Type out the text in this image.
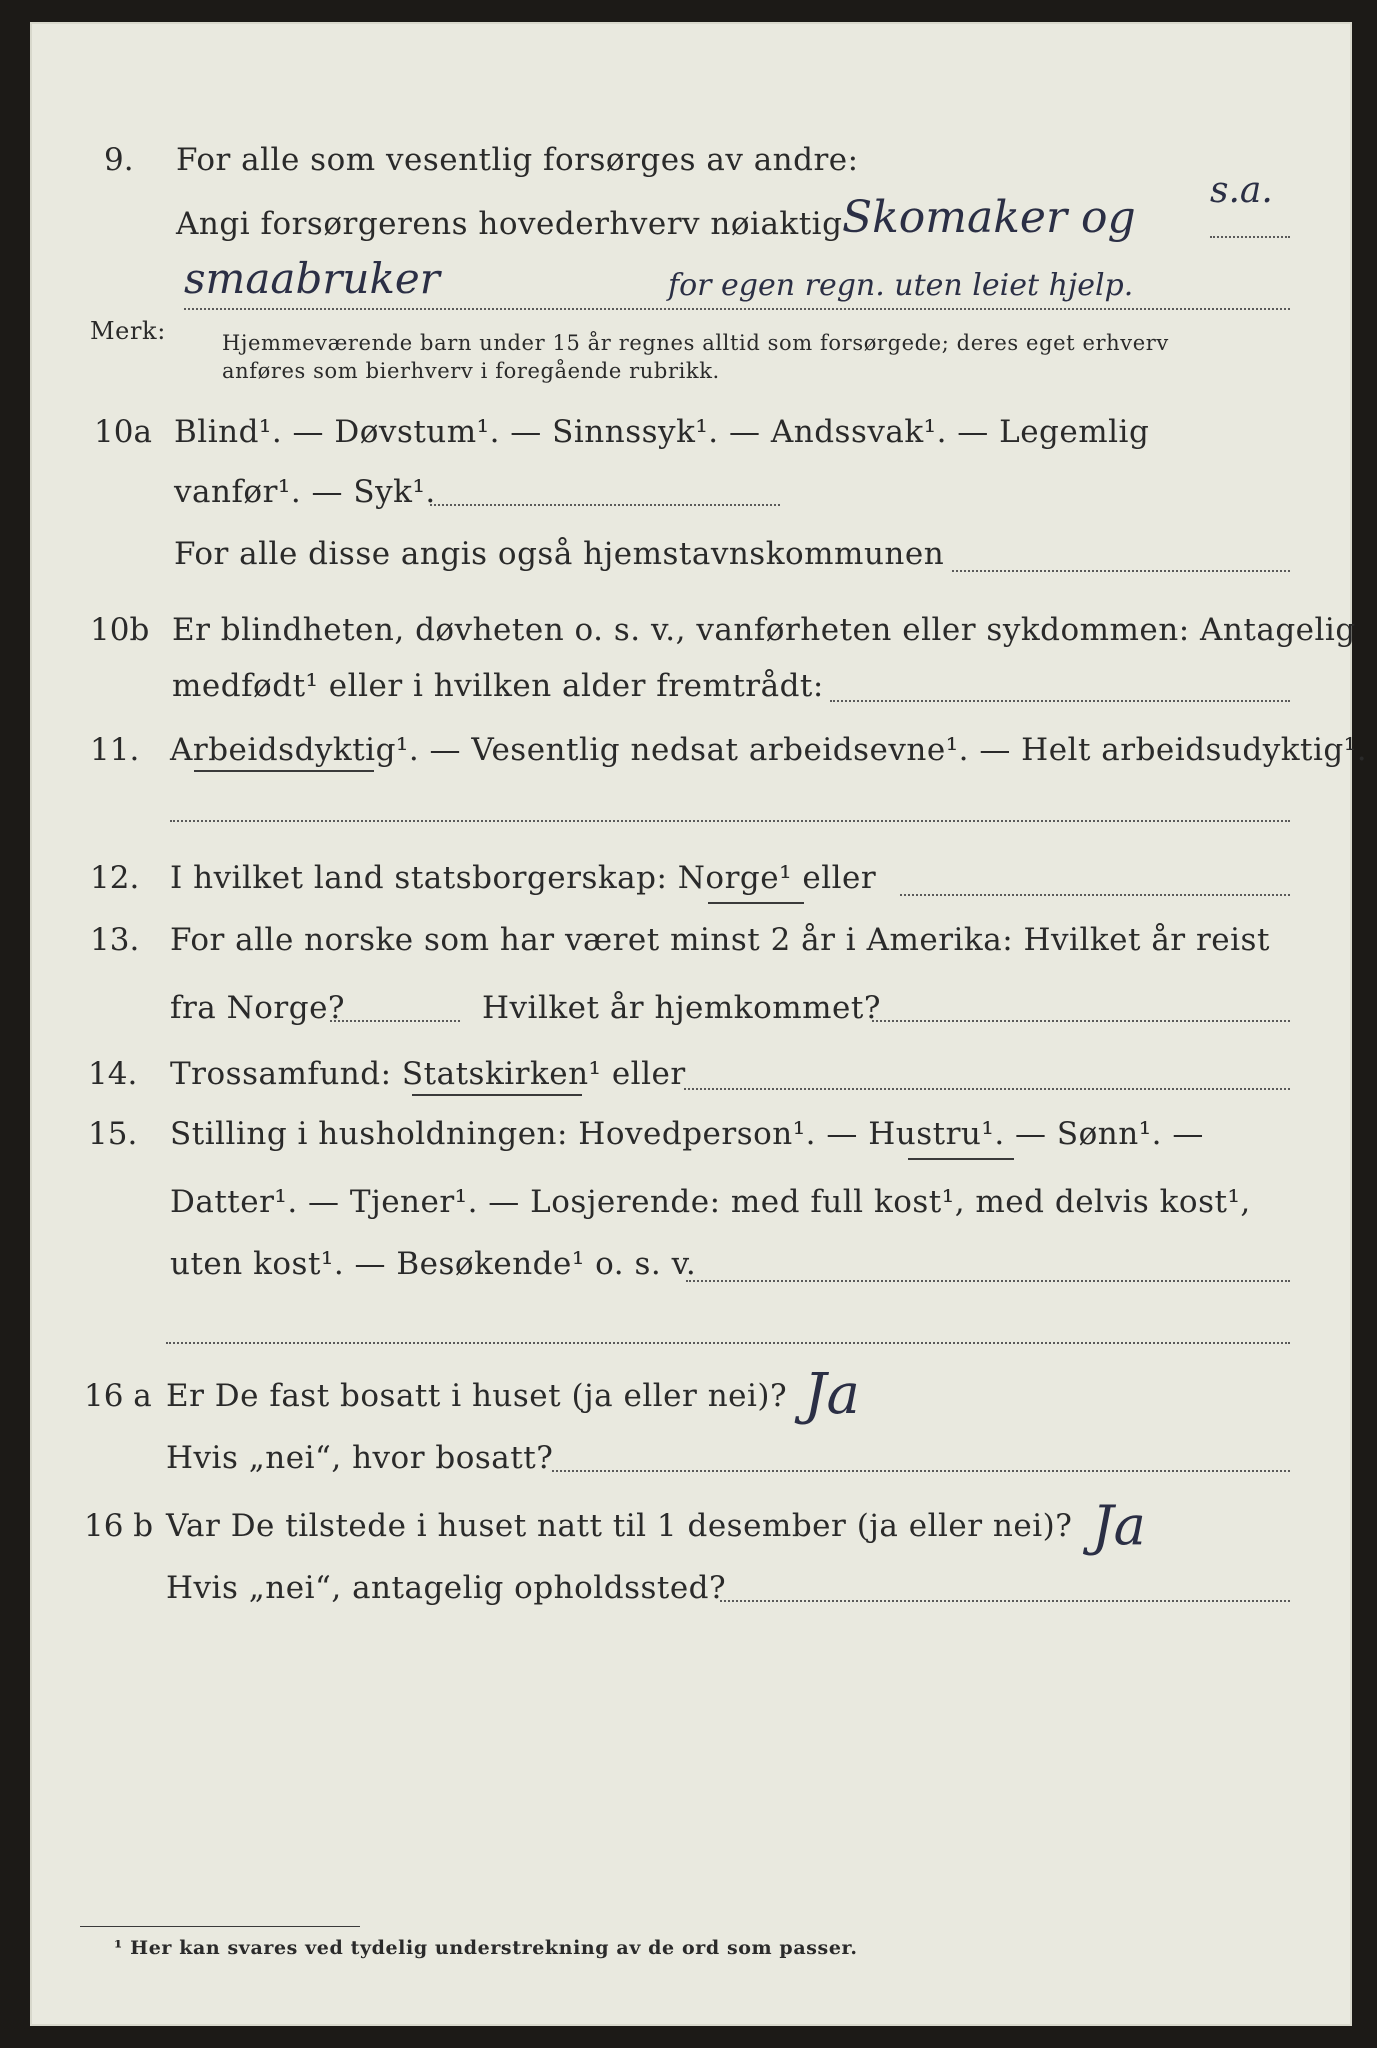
9. For alle som vesentlig forsørges av andre:
s.a.
Angi forsørgerens hovederhverv nøiaktig Skomaker og
smaabruker	for egen regn. uten leiet hjelp.
Merk:	Hjemmeværende barn under 15 år regnes alltid som forsørgede; deres eget erhverv
anføres som bierhverv i foregående rubrikk.
10a Blind¹. — Døvstum¹. — Sinnssyk¹. — Andssvak¹. — Legemlig
vanfør¹. — Syk¹.
For alle disse angis også hjemstavnskommunen
10b Er blindheten, døvheten o. s. v., vanførheten eller sykdommen: Antagelig
medfødt¹ eller i hvilken alder fremtrådt:
11. Arbeidsdyktig¹. — Vesentlig nedsat arbeidsevne¹. — Helt arbeidsudyktig¹.
12. I hvilket land statsborgerskap: Norge¹ eller
13. For alle norske som har været minst 2 år i Amerika: Hvilket år reist
fra Norge?	Hvilket år hjemkommet?
14. Trossamfund: Statskirken¹ eller
15. Stilling i husholdningen: Hovedperson¹. — Hustru¹. — Sønn¹. —
Datter¹. — Tjener¹. — Losjerende: med full kost¹, med delvis kost¹,
uten kost¹. — Besøkende¹ o. s. v.
16 a Er De fast bosatt i huset (ja eller nei)? Ja
Hvis „nei“, hvor bosatt?
16 b Var De tilstede i huset natt til 1 desember (ja eller nei)? Ja
Hvis „nei“, antagelig opholdssted?
¹ Her kan svares ved tydelig understrekning av de ord som passer.
